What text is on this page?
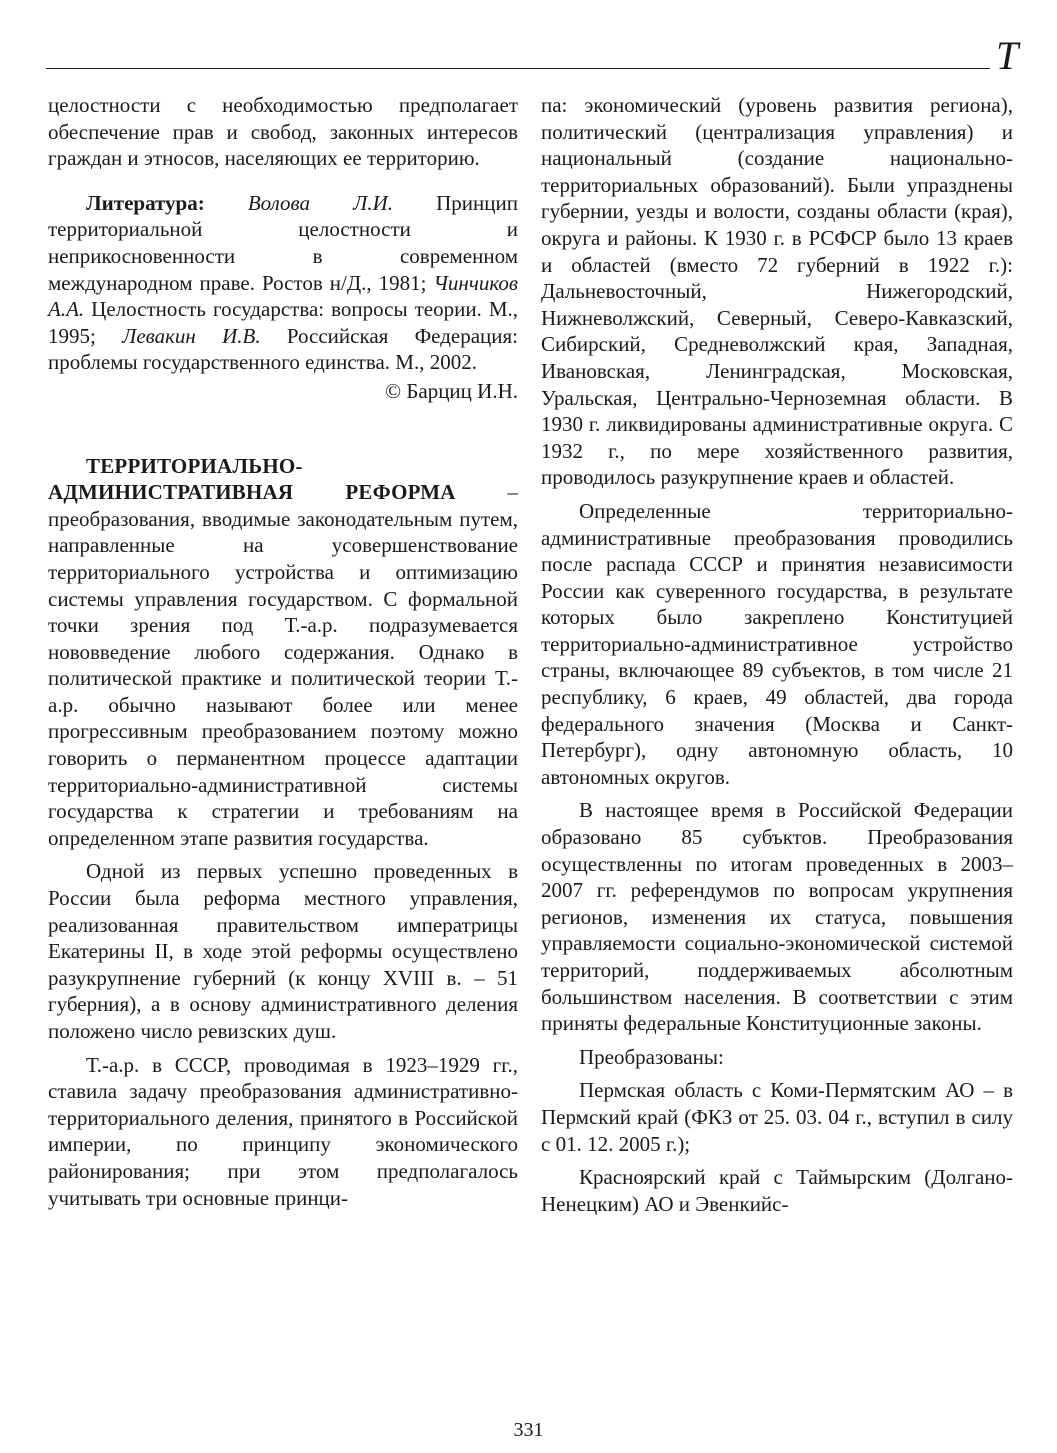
Т

целостности с необходимостью предполагает обеспечение прав и свобод, законных интересов граждан и этносов, населяющих ее территорию.

Литература: Волова Л.И. Принцип территориальной целостности и неприкосновенности в современном международном праве. Ростов н/Д., 1981; Чинчиков А.А. Целостность государства: вопросы теории. М., 1995; Левакин И.В. Российская Федерация: проблемы государственного единства. М., 2002.

© Барциц И.Н.

ТЕРРИТОРИАЛЬНО-АДМИНИСТРАТИВНАЯ РЕФОРМА – преобразования, вводимые законодательным путем, направленные на усовершенствование территориального устройства и оптимизацию системы управления государством. С формальной точки зрения под Т.-а.р. подразумевается нововведение любого содержания. Однако в политической практике и политической теории Т.-а.р. обычно называют более или менее прогрессивным преобразованием поэтому можно говорить о перманентном процессе адаптации территориально-административной системы государства к стратегии и требованиям на определенном этапе развития государства.

Одной из первых успешно проведенных в России была реформа местного управления, реализованная правительством императрицы Екатерины II, в ходе этой реформы осуществлено разукрупнение губерний (к концу XVIII в. – 51 губерния), а в основу административного деления положено число ревизских душ.

Т.-а.р. в СССР, проводимая в 1923–1929 гг., ставила задачу преобразования административно-территориального деления, принятого в Российской империи, по принципу экономического районирования; при этом предполагалось учитывать три основные принци-

па: экономический (уровень развития региона), политический (централизация управления) и национальный (создание национально-территориальных образований). Были упразднены губернии, уезды и волости, созданы области (края), округа и районы. К 1930 г. в РСФСР было 13 краев и областей (вместо 72 губерний в 1922 г.): Дальневосточный, Нижегородский, Нижневолжский, Северный, Северо-Кавказский, Сибирский, Средневолжский края, Западная, Ивановская, Ленинградская, Московская, Уральская, Центрально-Черноземная области. В 1930 г. ликвидированы административные округа. С 1932 г., по мере хозяйственного развития, проводилось разукрупнение краев и областей.

Определенные территориально-административные преобразования проводились после распада СССР и принятия независимости России как суверенного государства, в результате которых было закреплено Конституцией территориально-административное устройство страны, включающее 89 субъектов, в том числе 21 республику, 6 краев, 49 областей, два города федерального значения (Москва и Санкт-Петербург), одну автономную область, 10 автономных округов.

В настоящее время в Российской Федерации образовано 85 субъктов. Преобразования осуществленны по итогам проведенных в 2003–2007 гг. референдумов по вопросам укрупнения регионов, изменения их статуса, повышения управляемости социально-экономической системой территорий, поддерживаемых абсолютным большинством населения. В соответствии с этим приняты федеральные Конституционные законы.

Преобразованы:

Пермская область с Коми-Пермятским АО – в Пермский край (ФКЗ от 25. 03. 04 г., вступил в силу с 01. 12. 2005 г.);

Красноярский край с Таймырским (Долгано-Ненецким) АО и Эвенкийс-

331
